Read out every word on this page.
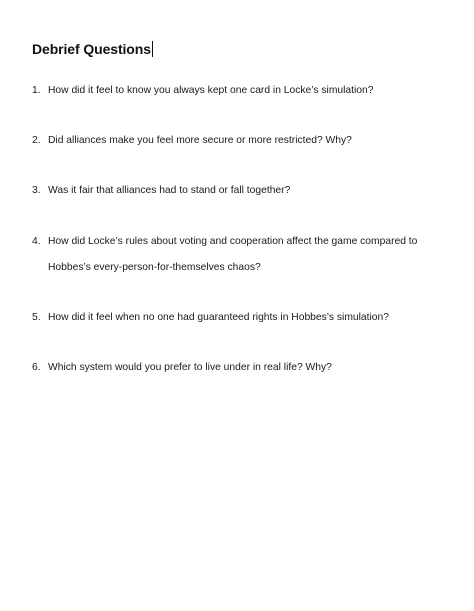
Debrief Questions
1. How did it feel to know you always kept one card in Locke’s simulation?
2. Did alliances make you feel more secure or more restricted? Why?
3. Was it fair that alliances had to stand or fall together?
4. How did Locke’s rules about voting and cooperation affect the game compared to Hobbes’s every-person-for-themselves chaos?
5. How did it feel when no one had guaranteed rights in Hobbes’s simulation?
6. Which system would you prefer to live under in real life? Why?
